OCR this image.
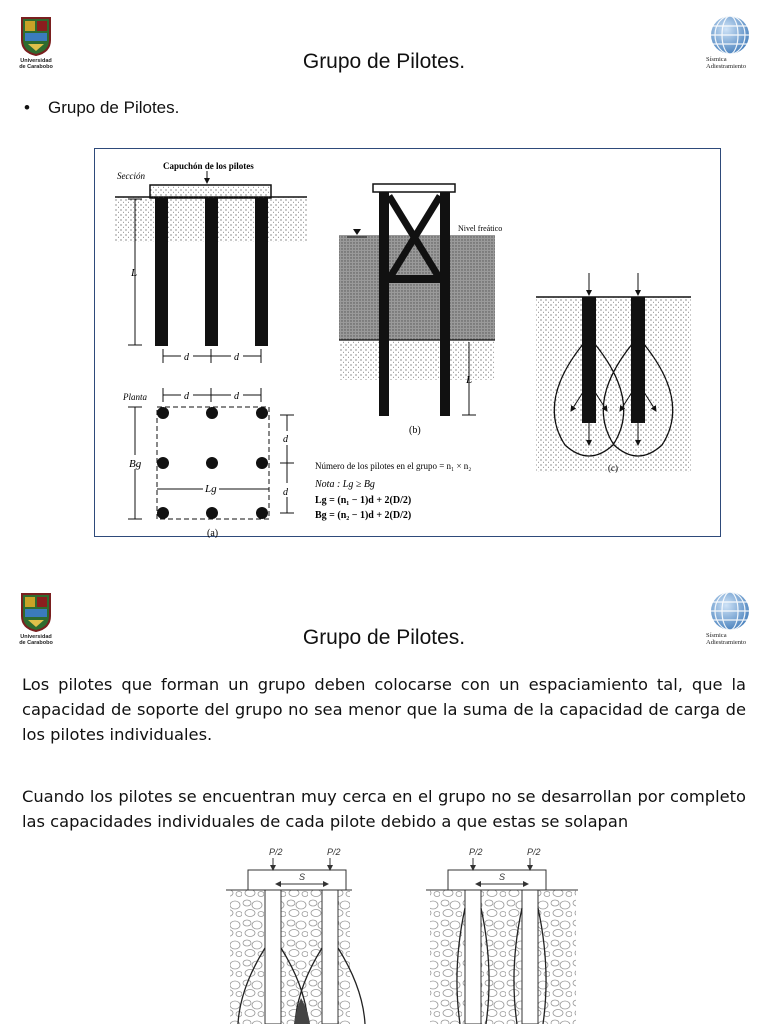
Universidad
de Carabobo
Sísmica
Adiestramiento
Grupo de Pilotes.
• Grupo de Pilotes.
Sección
Capuchón de los pilotes
L
d	d
Planta	d	d
Bg
Lg
d
d
(a)
Nivel freático
L
(b)
(c)
Número de los pilotes en el grupo = n₁ × n₂
Nota : Lg ≥ Bg
Lg = (n₁ − 1)d + 2(D/2)
Bg = (n₂ − 1)d + 2(D/2)
Universidad
de Carabobo
Sísmica
Adiestramiento
Grupo de Pilotes.
Los pilotes que forman un grupo deben colocarse con un espaciamiento tal, que la capacidad de soporte del grupo no sea menor que la suma de la capacidad de carga de los pilotes individuales.
Cuando los pilotes se encuentran muy cerca en el grupo no se desarrollan por completo las capacidades individuales de cada pilote debido a que estas se solapan
P/2	P/2
S
P/2	P/2
S
